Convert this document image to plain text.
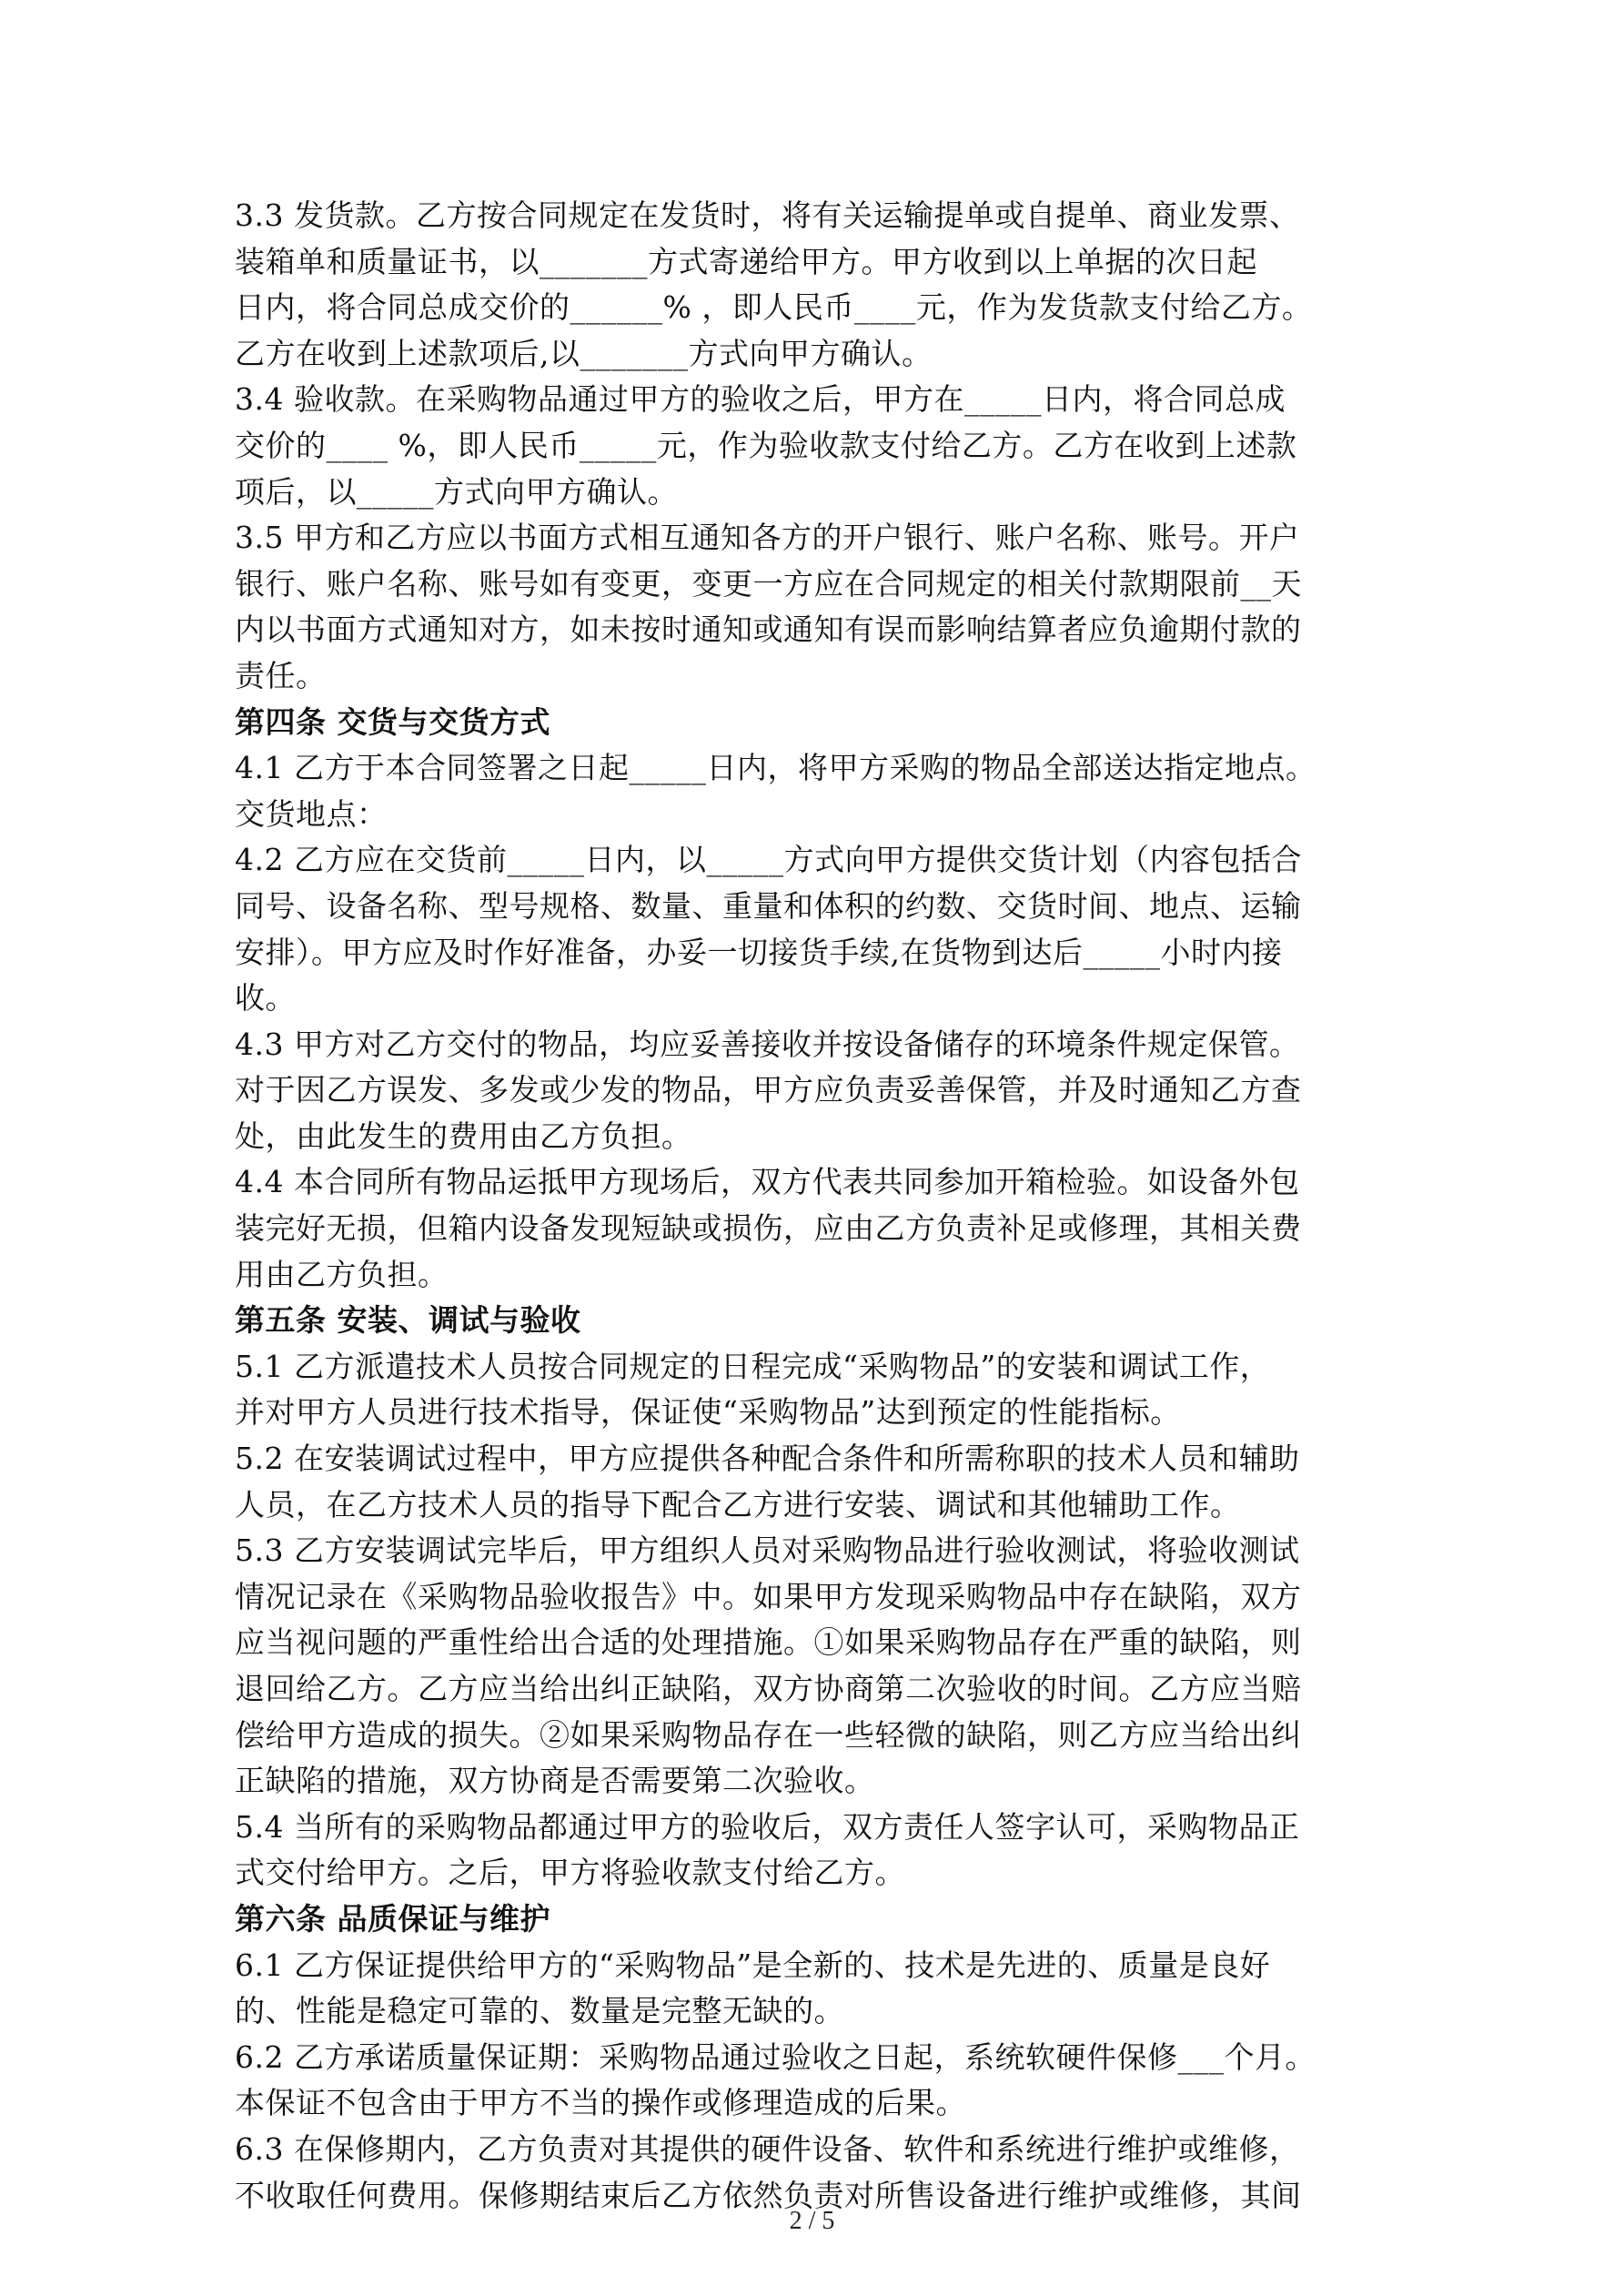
3.3 发货款。乙方按合同规定在发货时，将有关运输提单或自提单、商业发票、
装箱单和质量证书，以_______方式寄递给甲方。甲方收到以上单据的次日起
日内，将合同总成交价的______% ，即人民币____元，作为发货款支付给乙方。
乙方在收到上述款项后,以_______方式向甲方确认。
3.4 验收款。在采购物品通过甲方的验收之后，甲方在_____日内，将合同总成
交价的____ %，即人民币_____元，作为验收款支付给乙方。乙方在收到上述款
项后，以_____方式向甲方确认。
3.5 甲方和乙方应以书面方式相互通知各方的开户银行、账户名称、账号。开户
银行、账户名称、账号如有变更，变更一方应在合同规定的相关付款期限前__天
内以书面方式通知对方，如未按时通知或通知有误而影响结算者应负逾期付款的
责任。
第四条 交货与交货方式
4.1 乙方于本合同签署之日起_____日内，将甲方采购的物品全部送达指定地点。
交货地点：
4.2 乙方应在交货前_____日内，以_____方式向甲方提供交货计划（内容包括合
同号、设备名称、型号规格、数量、重量和体积的约数、交货时间、地点、运输
安排）。甲方应及时作好准备，办妥一切接货手续,在货物到达后_____小时内接
收。
4.3 甲方对乙方交付的物品，均应妥善接收并按设备储存的环境条件规定保管。
对于因乙方误发、多发或少发的物品，甲方应负责妥善保管，并及时通知乙方查
处，由此发生的费用由乙方负担。
4.4 本合同所有物品运抵甲方现场后，双方代表共同参加开箱检验。如设备外包
装完好无损，但箱内设备发现短缺或损伤，应由乙方负责补足或修理，其相关费
用由乙方负担。
第五条 安装、调试与验收
5.1 乙方派遣技术人员按合同规定的日程完成“采购物品”的安装和调试工作，
并对甲方人员进行技术指导，保证使“采购物品”达到预定的性能指标。
5.2 在安装调试过程中，甲方应提供各种配合条件和所需称职的技术人员和辅助
人员，在乙方技术人员的指导下配合乙方进行安装、调试和其他辅助工作。
5.3 乙方安装调试完毕后，甲方组织人员对采购物品进行验收测试，将验收测试
情况记录在《采购物品验收报告》中。如果甲方发现采购物品中存在缺陷，双方
应当视问题的严重性给出合适的处理措施。①如果采购物品存在严重的缺陷，则
退回给乙方。乙方应当给出纠正缺陷，双方协商第二次验收的时间。乙方应当赔
偿给甲方造成的损失。②如果采购物品存在一些轻微的缺陷，则乙方应当给出纠
正缺陷的措施，双方协商是否需要第二次验收。
5.4 当所有的采购物品都通过甲方的验收后，双方责任人签字认可，采购物品正
式交付给甲方。之后，甲方将验收款支付给乙方。
第六条 品质保证与维护
6.1 乙方保证提供给甲方的“采购物品”是全新的、技术是先进的、质量是良好
的、性能是稳定可靠的、数量是完整无缺的。
6.2 乙方承诺质量保证期：采购物品通过验收之日起，系统软硬件保修___个月。
本保证不包含由于甲方不当的操作或修理造成的后果。
6.3 在保修期内，乙方负责对其提供的硬件设备、软件和系统进行维护或维修，
不收取任何费用。保修期结束后乙方依然负责对所售设备进行维护或维修，其间
2 / 5
